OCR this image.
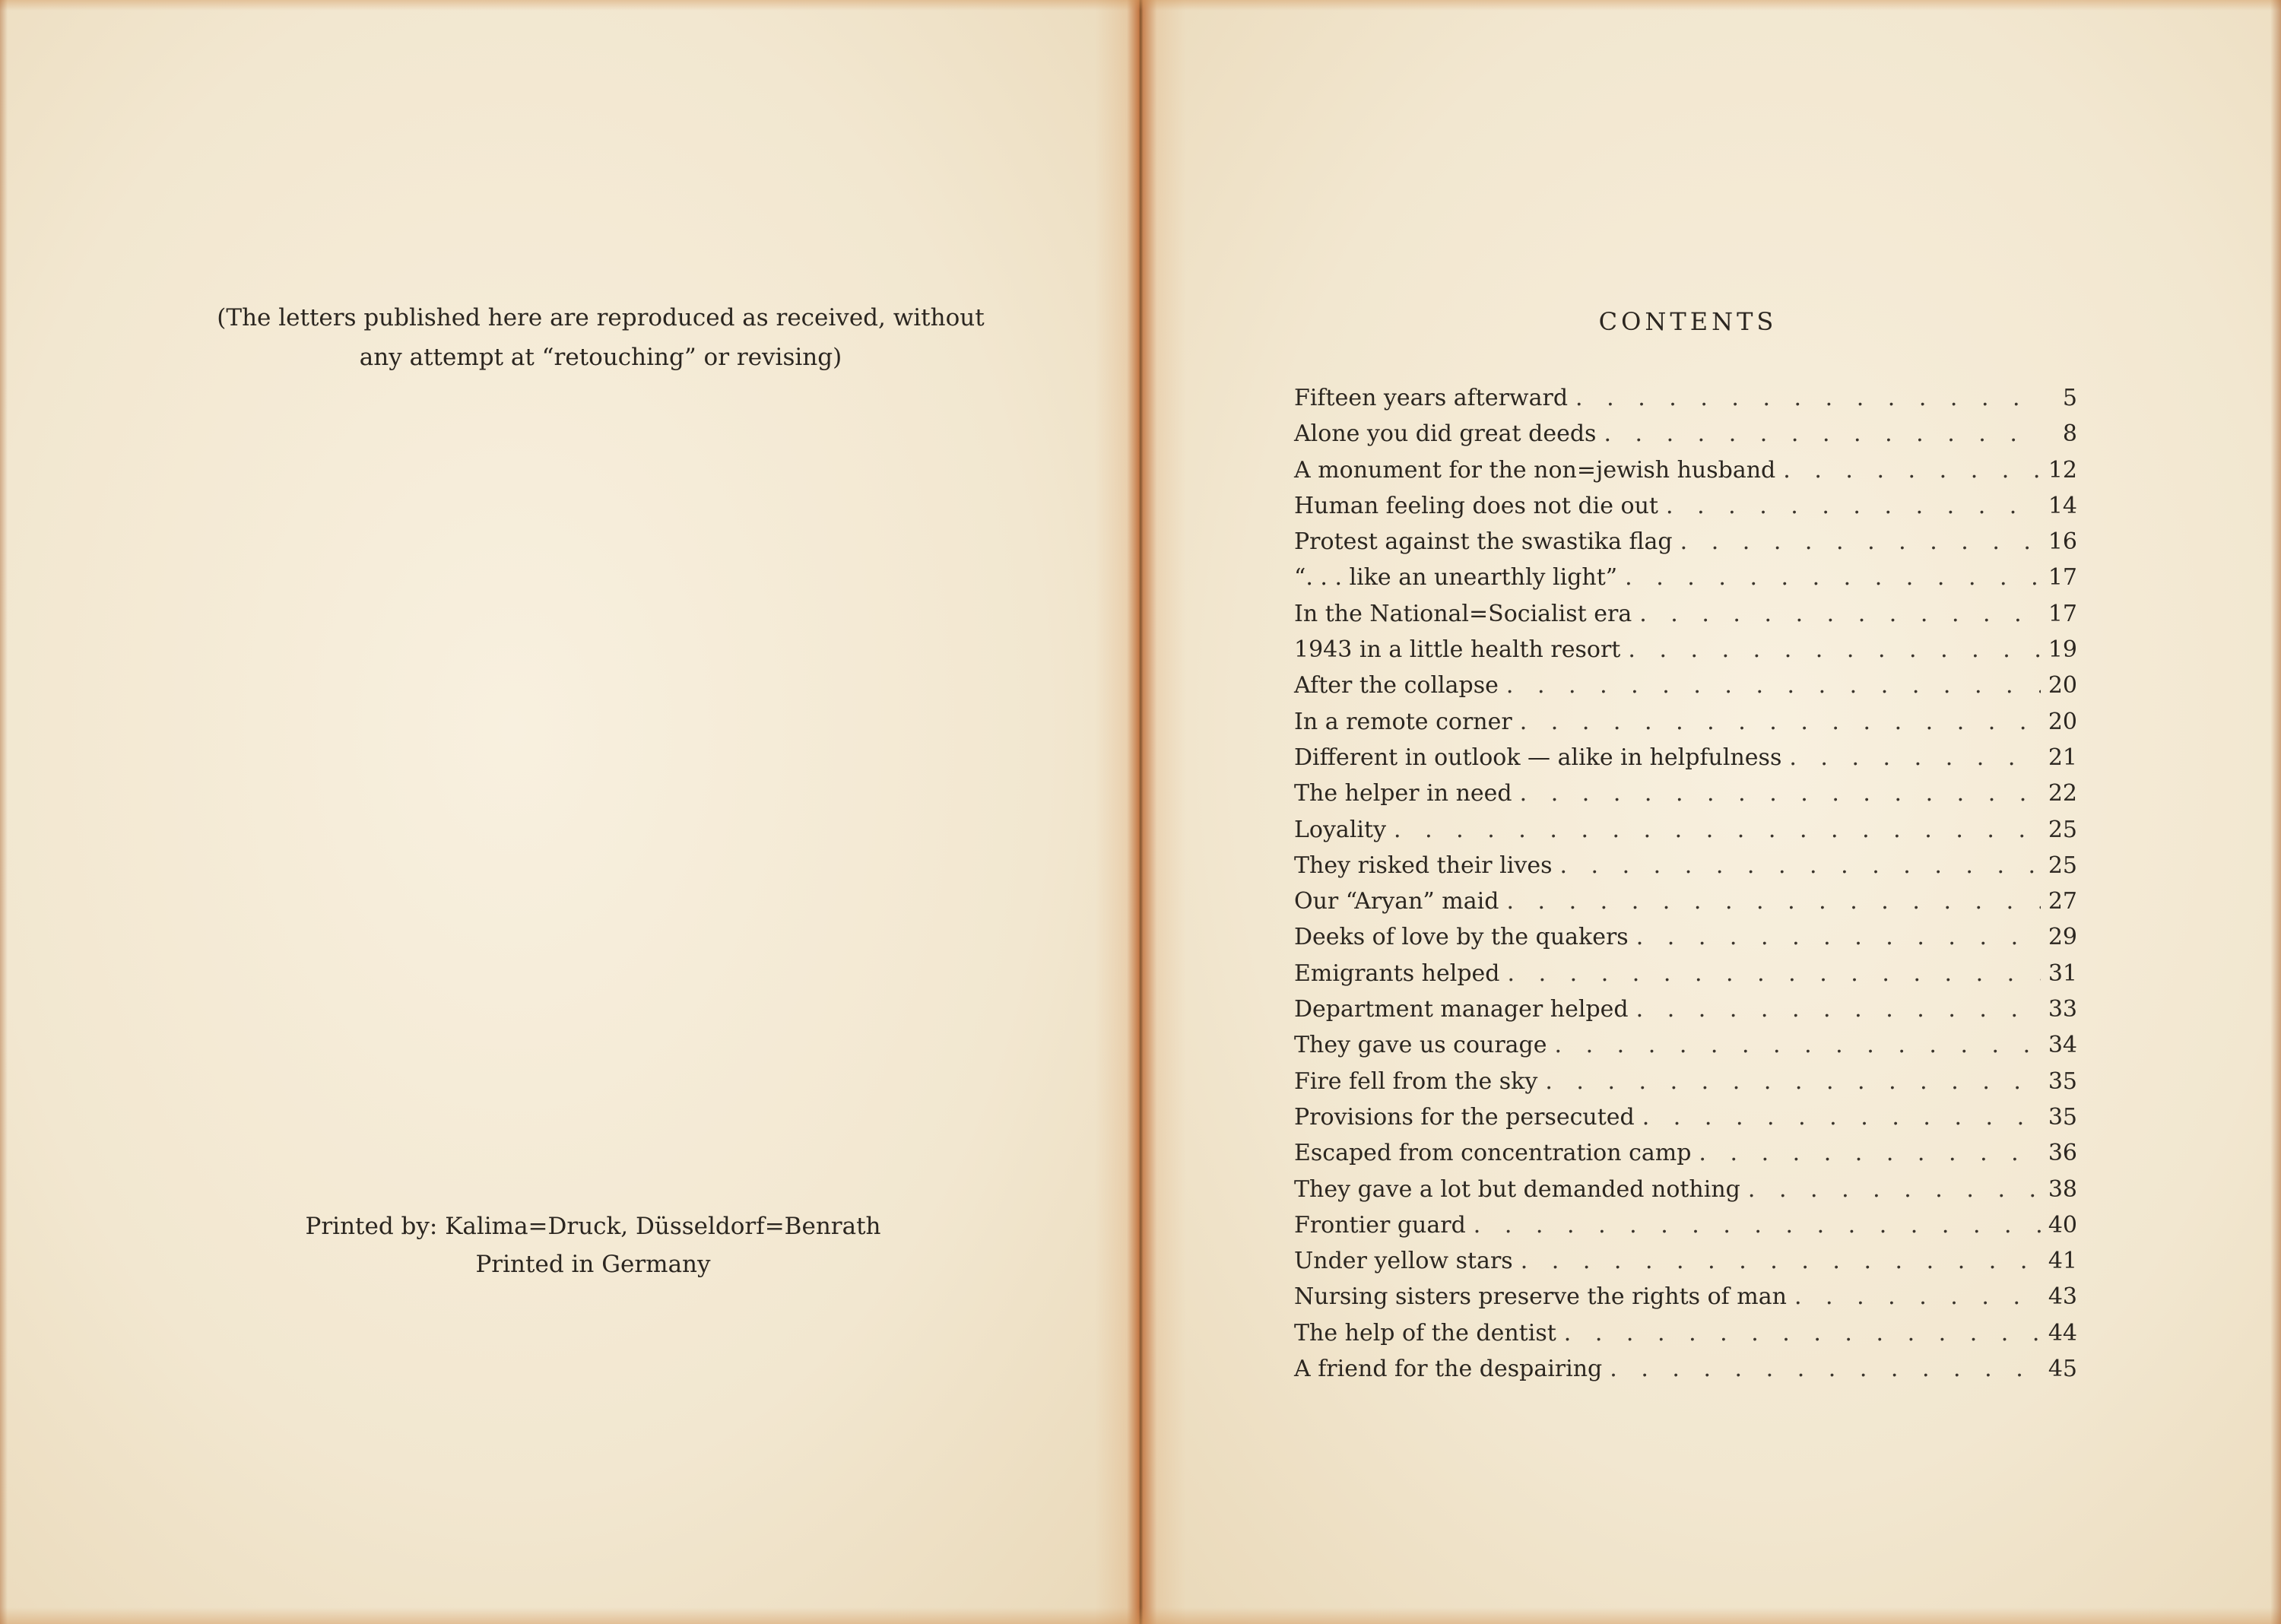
(The letters published here are reproduced as received, without any attempt at “retouching” or revising)
Printed by: Kalima=Druck, Düsseldorf=Benrath
Printed in Germany
CONTENTS
Fifteen years afterward . . .	5
Alone you did great deeds . . .	8
A monument for the non=jewish husband . . .	12
Human feeling does not die out . . .	14
Protest against the swastika flag . . .	16
“. . . like an unearthly light” . . .	17
In the National=Socialist era . . .	17
1943 in a little health resort . . .	19
After the collapse . . .	20
In a remote corner . . .	20
Different in outlook — alike in helpfulness . . .	21
The helper in need . . .	22
Loyality . . .	25
They risked their lives . . .	25
Our “Aryan” maid . . .	27
Deeks of love by the quakers . . .	29
Emigrants helped . . .	31
Department manager helped . . .	33
They gave us courage . . .	34
Fire fell from the sky . . .	35
Provisions for the persecuted . . .	35
Escaped from concentration camp . . .	36
They gave a lot but demanded nothing . . .	38
Frontier guard . . .	40
Under yellow stars . . .	41
Nursing sisters preserve the rights of man . . .	43
The help of the dentist . . .	44
A friend for the despairing . . .	45
